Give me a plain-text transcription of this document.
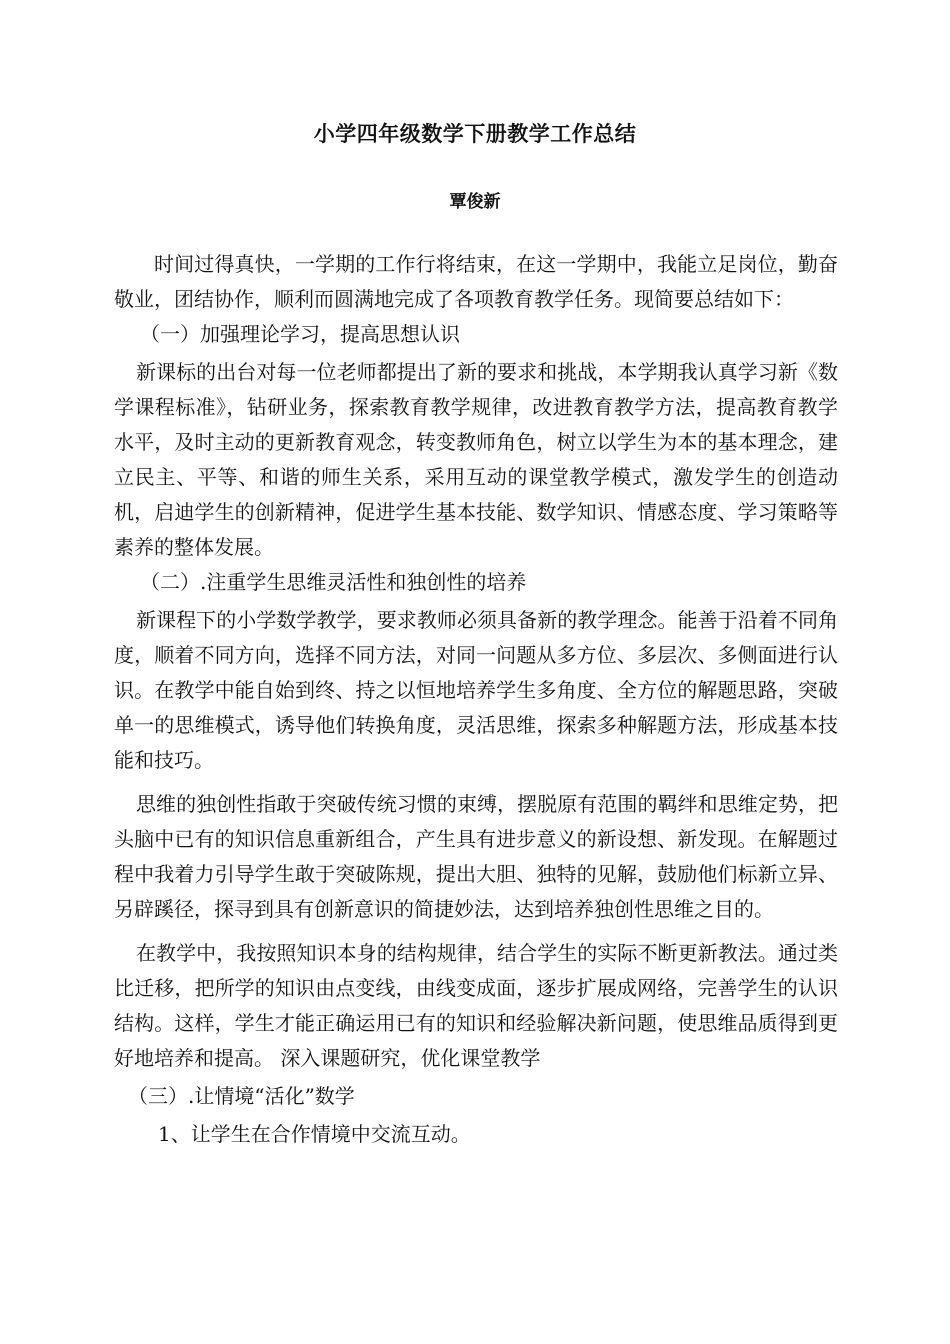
小学四年级数学下册教学工作总结
覃俊新

时间过得真快，一学期的工作行将结束，在这一学期中，我能立足岗位，勤奋敬业，团结协作，顺利而圆满地完成了各项教育教学任务。现简要总结如下：

（一）加强理论学习，提高思想认识

新课标的出台对每一位老师都提出了新的要求和挑战，本学期我认真学习新《数学课程标准》，钻研业务，探索教育教学规律，改进教育教学方法，提高教育教学水平，及时主动的更新教育观念，转变教师角色，树立以学生为本的基本理念，建立民主、平等、和谐的师生关系，采用互动的课堂教学模式，激发学生的创造动机，启迪学生的创新精神，促进学生基本技能、数学知识、情感态度、学习策略等素养的整体发展。

（二）.注重学生思维灵活性和独创性的培养

新课程下的小学数学教学，要求教师必须具备新的教学理念。能善于沿着不同角度，顺着不同方向，选择不同方法，对同一问题从多方位、多层次、多侧面进行认识。在教学中能自始到终、持之以恒地培养学生多角度、全方位的解题思路，突破单一的思维模式，诱导他们转换角度，灵活思维，探索多种解题方法，形成基本技能和技巧。

思维的独创性指敢于突破传统习惯的束缚，摆脱原有范围的羁绊和思维定势，把头脑中已有的知识信息重新组合，产生具有进步意义的新设想、新发现。在解题过程中我着力引导学生敢于突破陈规，提出大胆、独特的见解，鼓励他们标新立异、另辟蹊径，探寻到具有创新意识的简捷妙法，达到培养独创性思维之目的。

在教学中，我按照知识本身的结构规律，结合学生的实际不断更新教法。通过类比迁移，把所学的知识由点变线，由线变成面，逐步扩展成网络，完善学生的认识结构。这样，学生才能正确运用已有的知识和经验解决新问题，使思维品质得到更好地培养和提高。 深入课题研究，优化课堂教学

（三）.让情境“活化”数学

1、让学生在合作情境中交流互动。
